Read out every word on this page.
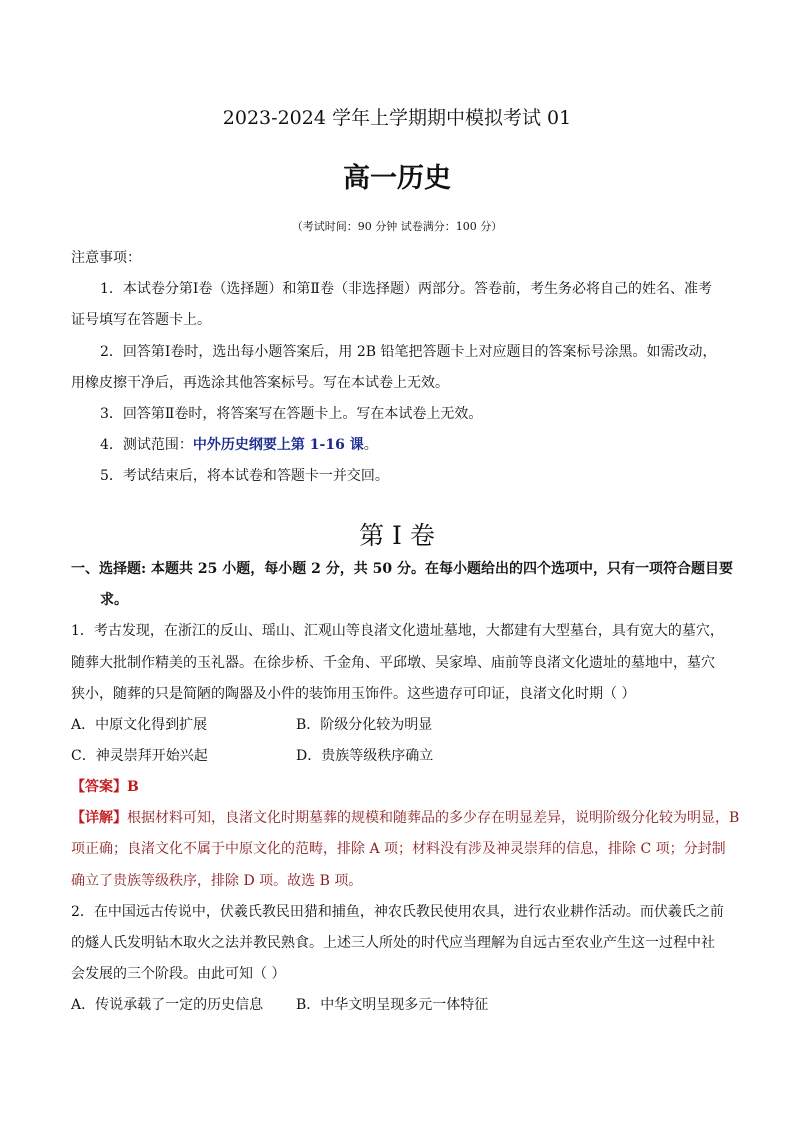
2023-2024 学年上学期期中模拟考试 01
高一历史
（考试时间：90 分钟 试卷满分：100 分）
注意事项：
1．本试卷分第Ⅰ卷（选择题）和第Ⅱ卷（非选择题）两部分。答卷前，考生务必将自己的姓名、准考
证号填写在答题卡上。
2．回答第Ⅰ卷时，选出每小题答案后，用 2B 铅笔把答题卡上对应题目的答案标号涂黑。如需改动，
用橡皮擦干净后，再选涂其他答案标号。写在本试卷上无效。
3．回答第Ⅱ卷时，将答案写在答题卡上。写在本试卷上无效。
4．测试范围：中外历史纲要上第 1-16 课。
5．考试结束后，将本试卷和答题卡一并交回。
第 I 卷
一、选择题: 本题共 25 小题，每小题 2 分，共 50 分。在每小题给出的四个选项中，只有一项符合题目要
求。
1．考古发现，在浙江的反山、瑶山、汇观山等良渚文化遗址墓地，大都建有大型墓台，具有宽大的墓穴，
随葬大批制作精美的玉礼器。在徐步桥、千金角、平邱墩、吴家埠、庙前等良渚文化遗址的墓地中，墓穴
狭小，随葬的只是简陋的陶器及小件的装饰用玉饰件。这些遗存可印证，良渚文化时期（ ）
A．中原文化得到扩展	B．阶级分化较为明显
C．神灵崇拜开始兴起	D．贵族等级秩序确立
【答案】B
【详解】根据材料可知，良渚文化时期墓葬的规模和随葬品的多少存在明显差异，说明阶级分化较为明显，B
项正确；良渚文化不属于中原文化的范畴，排除 A 项；材料没有涉及神灵崇拜的信息，排除 C 项；分封制
确立了贵族等级秩序，排除 D 项。故选 B 项。
2．在中国远古传说中，伏羲氏教民田猎和捕鱼，神农氏教民使用农具，进行农业耕作活动。而伏羲氏之前
的燧人氏发明钻木取火之法并教民熟食。上述三人所处的时代应当理解为自远古至农业产生这一过程中社
会发展的三个阶段。由此可知（ ）
A．传说承载了一定的历史信息 B．中华文明呈现多元一体特征
